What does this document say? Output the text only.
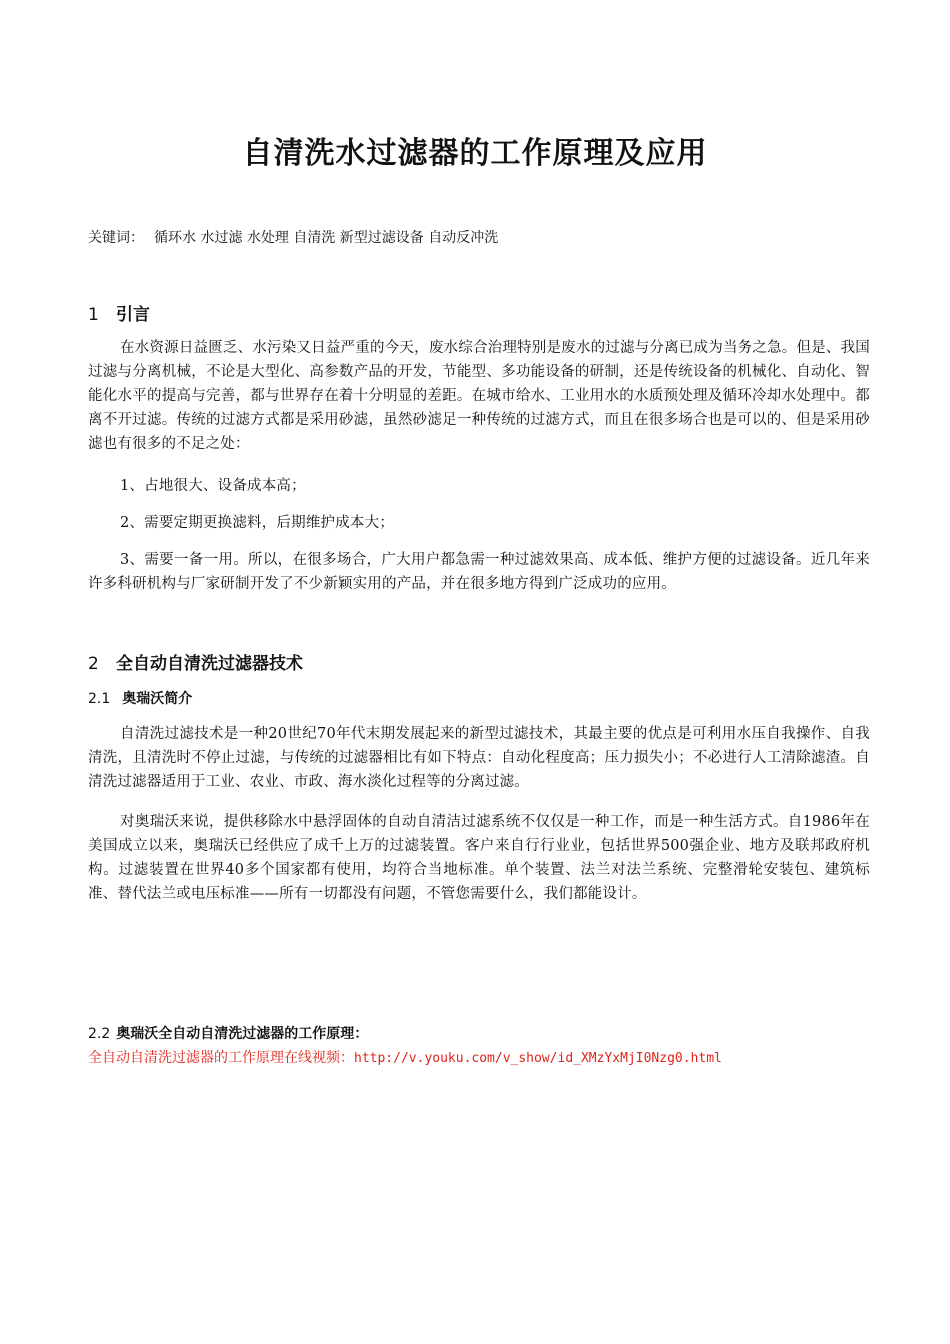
自清洗水过滤器的工作原理及应用
关键词： 循环水 水过滤 水处理 自清洗 新型过滤设备 自动反冲洗
1 引言

在水资源日益匮乏、水污染又日益严重的今天，废水综合治理特别是废水的过滤与分离已成为当务之急。但是、我国过滤与分离机械，不论是大型化、高参数产品的开发，节能型、多功能设备的研制，还是传统设备的机械化、自动化、智能化水平的提高与完善，都与世界存在着十分明显的差距。在城市给水、工业用水的水质预处理及循环冷却水处理中。都离不开过滤。传统的过滤方式都是采用砂滤，虽然砂滤足一种传统的过滤方式，而且在很多场合也是可以的、但是采用砂滤也有很多的不足之处：

1、占地很大、设备成本高；

2、需要定期更换滤料，后期维护成本大；

3、需要一备一用。所以，在很多场合，广大用户都急需一种过滤效果高、成本低、维护方便的过滤设备。近几年来许多科研机构与厂家研制开发了不少新颖实用的产品，并在很多地方得到广泛成功的应用。

2 全自动自清洗过滤器技术
2.1 奥瑞沃简介

自清洗过滤技术是一种20世纪70年代末期发展起来的新型过滤技术，其最主要的优点是可利用水压自我操作、自我清洗，且清洗时不停止过滤，与传统的过滤器相比有如下特点：自动化程度高；压力损失小；不必进行人工清除滤渣。自清洗过滤器适用于工业、农业、市政、海水淡化过程等的分离过滤。

对奥瑞沃来说，提供移除水中悬浮固体的自动自清洁过滤系统不仅仅是一种工作，而是一种生活方式。自1986年在美国成立以来，奥瑞沃已经供应了成千上万的过滤装置。客户来自行行业业，包括世界500强企业、地方及联邦政府机构。过滤装置在世界40多个国家都有使用，均符合当地标准。单个装置、法兰对法兰系统、完整滑轮安装包、建筑标准、替代法兰或电压标准——所有一切都没有问题，不管您需要什么，我们都能设计。

2.2 奥瑞沃全自动自清洗过滤器的工作原理：
全自动自清洗过滤器的工作原理在线视频：http://v.youku.com/v_show/id_XMzYxMjI0Nzg0.html
